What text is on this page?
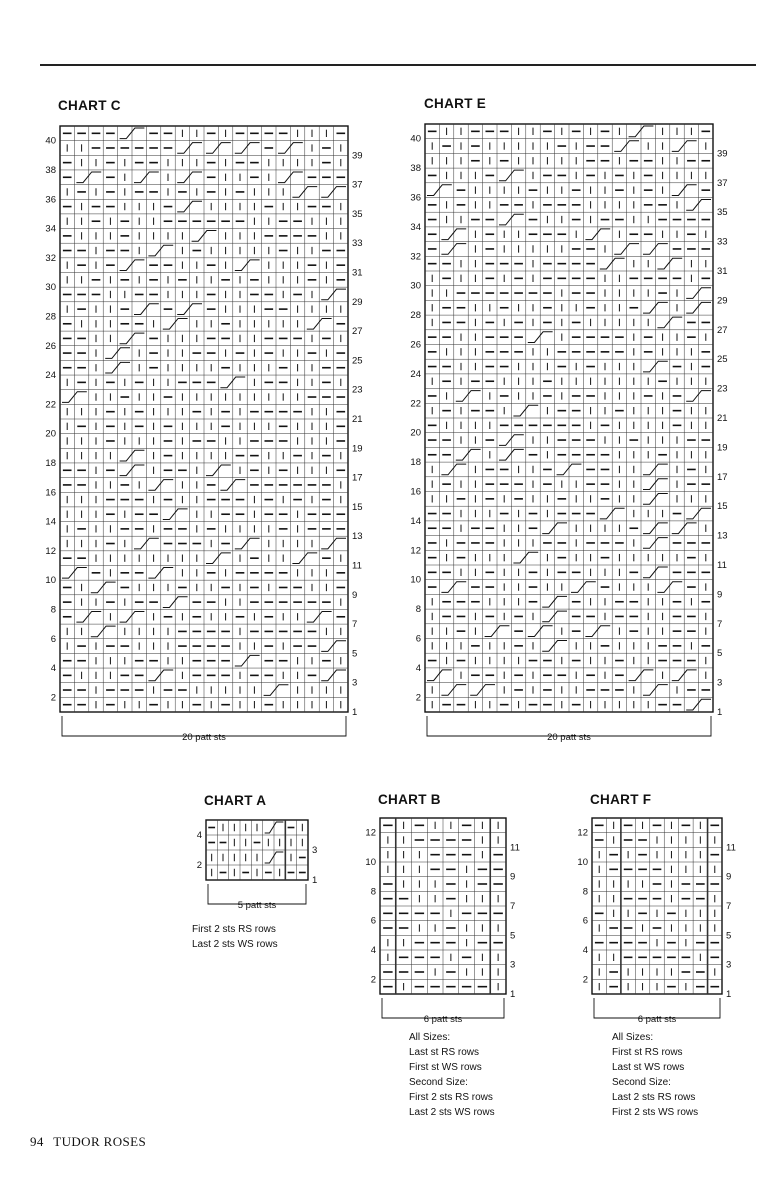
CHART C
40
38
36
34
32
30
28
26
24
22
20
18
16
14
12
10
8
6
4
2
39
37
35
33
31
29
27
25
23
21
19
17
15
13
11
9
7
5
3
1
20 patt sts
CHART E
40
38
36
34
32
30
28
26
24
22
20
18
16
14
12
10
8
6
4
2
39
37
35
33
31
29
27
25
23
21
19
17
15
13
11
9
7
5
3
1
20 patt sts
CHART A
First 2 sts RS rows
Last 2 sts WS rows
4
2
3
1
5 patt sts
CHART B
All Sizes:
Last st RS rows
First st WS rows
Second Size:
First 2 sts RS rows
Last 2 sts WS rows
12
10
8
6
4
2
11
9
7
5
3
1
6 patt sts
CHART F
All Sizes:
First st RS rows
Last st WS rows
Second Size:
Last 2 sts RS rows
First 2 sts WS rows
12
10
8
6
4
2
11
9
7
5
3
1
6 patt sts
94 TUDOR ROSES
